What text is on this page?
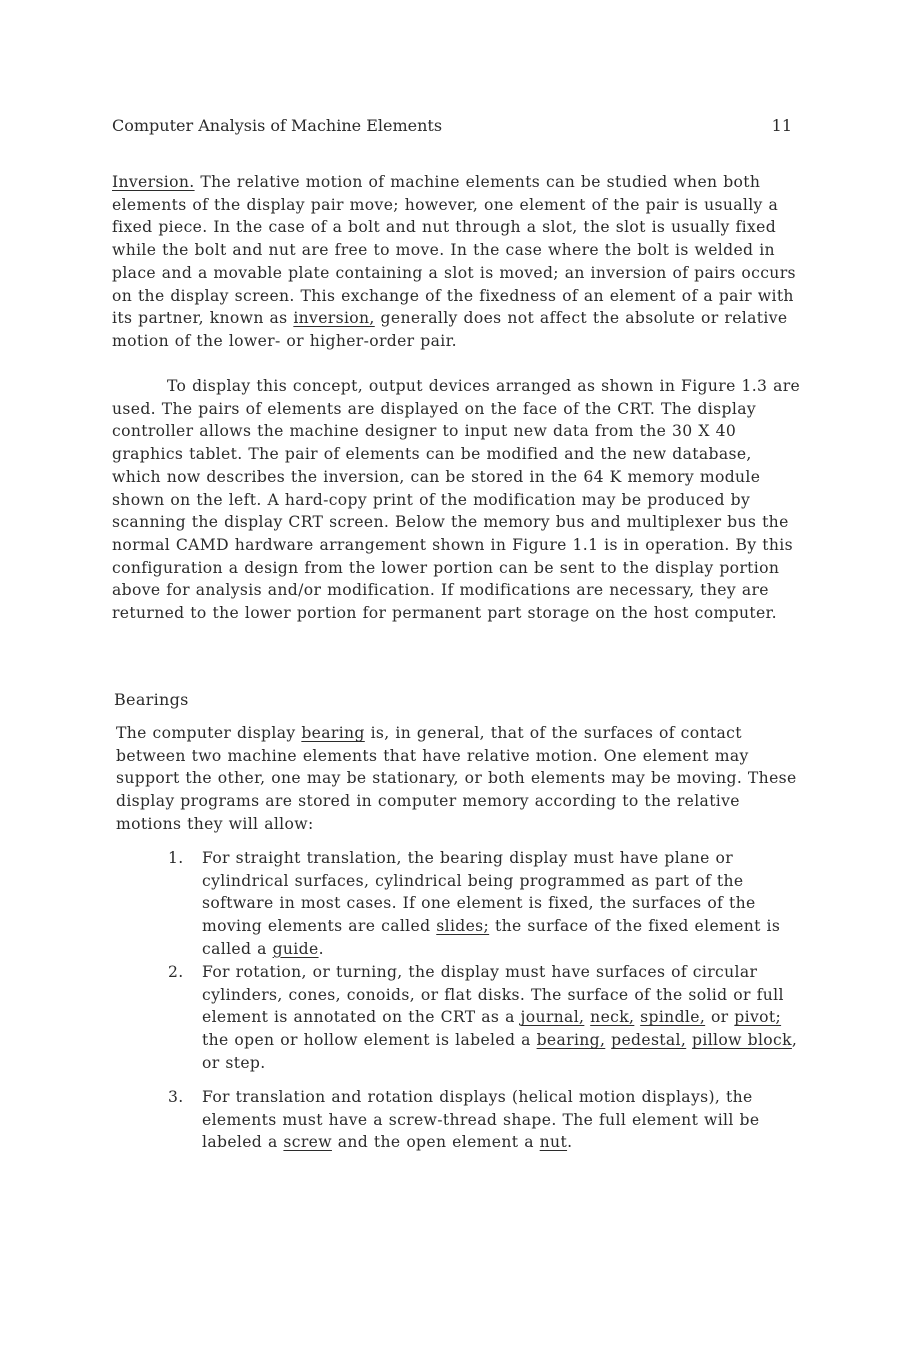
Computer Analysis of Machine Elements	11

Inversion. The relative motion of machine elements can be studied when both elements of the display pair move; however, one element of the pair is usually a fixed piece. In the case of a bolt and nut through a slot, the slot is usually fixed while the bolt and nut are free to move. In the case where the bolt is welded in place and a movable plate containing a slot is moved; an inversion of pairs occurs on the display screen. This exchange of the fixedness of an element of a pair with its partner, known as inversion, generally does not affect the absolute or relative motion of the lower- or higher-order pair.

To display this concept, output devices arranged as shown in Figure 1.3 are used. The pairs of elements are displayed on the face of the CRT. The display controller allows the machine designer to input new data from the 30 X 40 graphics tablet. The pair of elements can be modified and the new database, which now describes the inversion, can be stored in the 64 K memory module shown on the left. A hard-copy print of the modification may be produced by scanning the display CRT screen. Below the memory bus and multiplexer bus the normal CAMD hardware arrangement shown in Figure 1.1 is in operation. By this configuration a design from the lower portion can be sent to the display portion above for analysis and/or modification. If modifications are necessary, they are returned to the lower portion for permanent part storage on the host computer.

Bearings

The computer display bearing is, in general, that of the surfaces of contact between two machine elements that have relative motion. One element may support the other, one may be stationary, or both elements may be moving. These display programs are stored in computer memory according to the relative motions they will allow:

1. For straight translation, the bearing display must have plane or cylindrical surfaces, cylindrical being programmed as part of the software in most cases. If one element is fixed, the surfaces of the moving elements are called slides; the surface of the fixed element is called a guide.

2. For rotation, or turning, the display must have surfaces of circular cylinders, cones, conoids, or flat disks. The surface of the solid or full element is annotated on the CRT as a journal, neck, spindle, or pivot; the open or hollow element is labeled a bearing, pedestal, pillow block, or step.

3. For translation and rotation displays (helical motion displays), the elements must have a screw-thread shape. The full element will be labeled a screw and the open element a nut.
